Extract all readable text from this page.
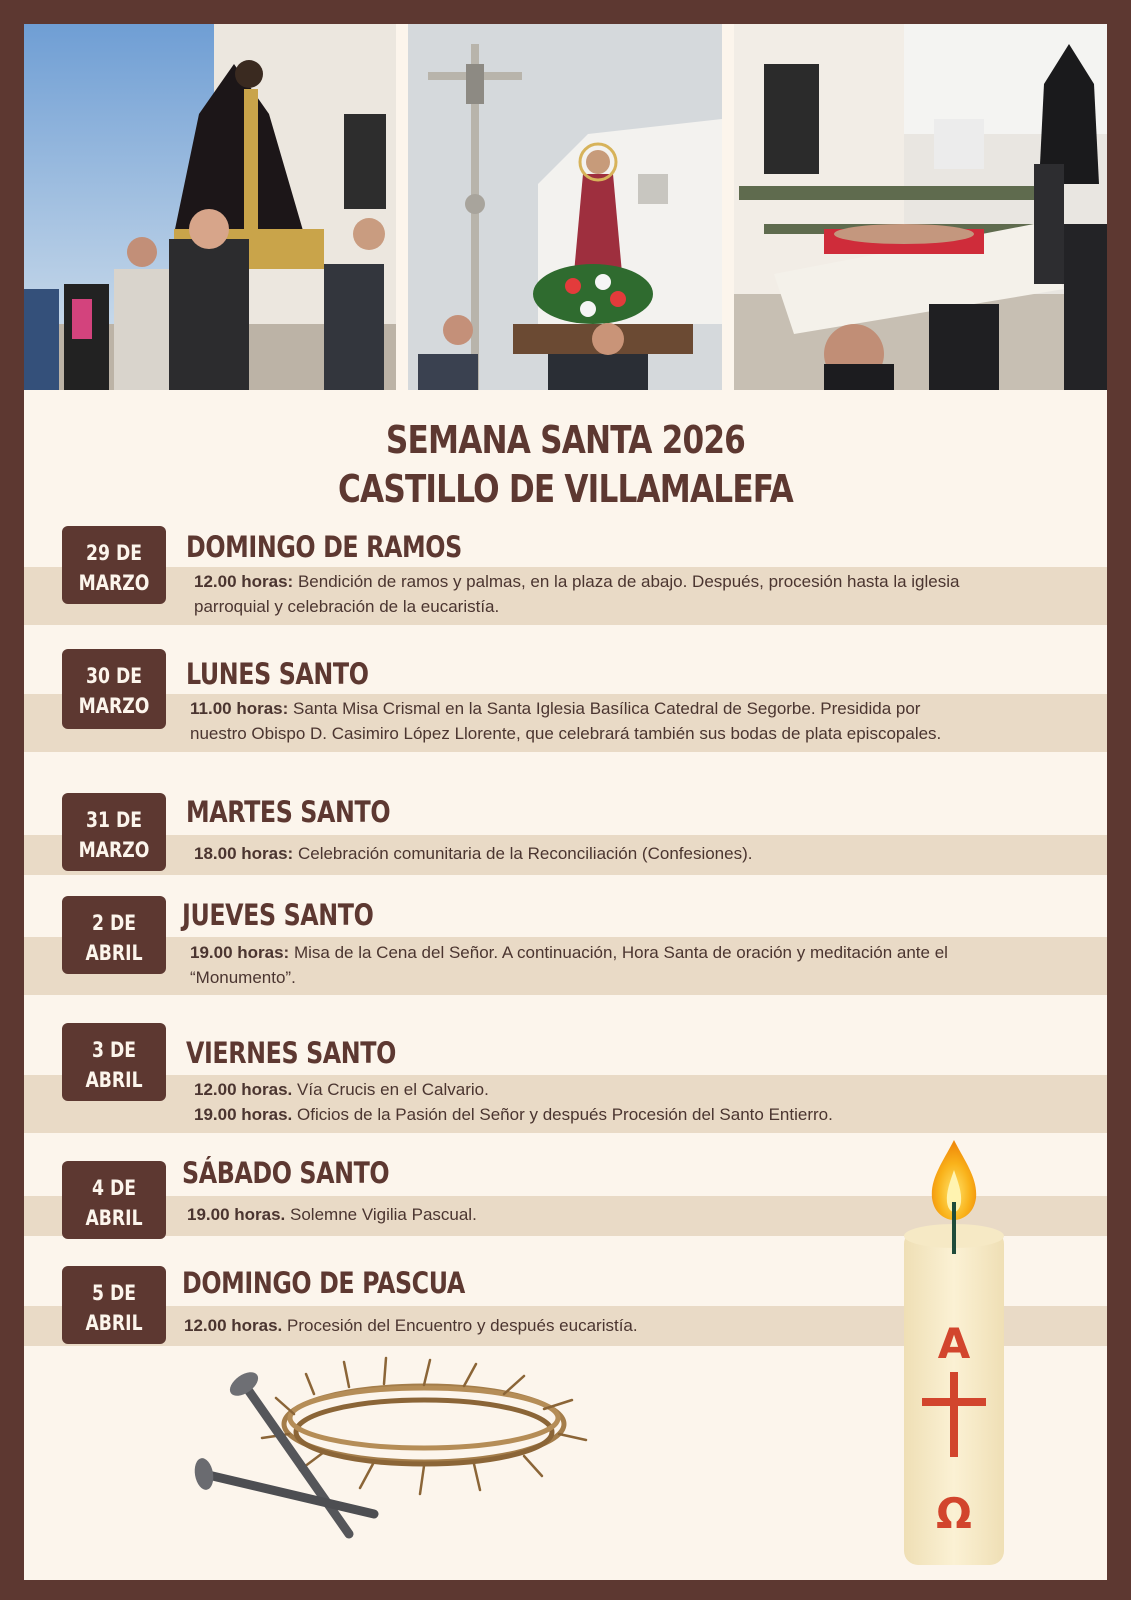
SEMANA SANTA 2026
CASTILLO DE VILLAMALEFA
29 DE
MARZO
DOMINGO DE RAMOS
12.00 horas: Bendición de ramos y palmas, en la plaza de abajo. Después, procesión hasta la iglesia
parroquial y celebración de la eucaristía.
30 DE
MARZO
LUNES SANTO
11.00 horas: Santa Misa Crismal en la Santa Iglesia Basílica Catedral de Segorbe. Presidida por
nuestro Obispo D. Casimiro López Llorente, que celebrará también sus bodas de plata episcopales.
31 DE
MARZO
MARTES SANTO
18.00 horas: Celebración comunitaria de la Reconciliación (Confesiones).
2 DE
ABRIL
JUEVES SANTO
19.00 horas: Misa de la Cena del Señor. A continuación, Hora Santa de oración y meditación ante el
“Monumento”.
3 DE
ABRIL
VIERNES SANTO
12.00 horas. Vía Crucis en el Calvario.
19.00 horas. Oficios de la Pasión del Señor y después Procesión del Santo Entierro.
4 DE
ABRIL
SÁBADO SANTO
19.00 horas. Solemne Vigilia Pascual.
5 DE
ABRIL
DOMINGO DE PASCUA
12.00 horas. Procesión del Encuentro y después eucaristía.	A
Ω
